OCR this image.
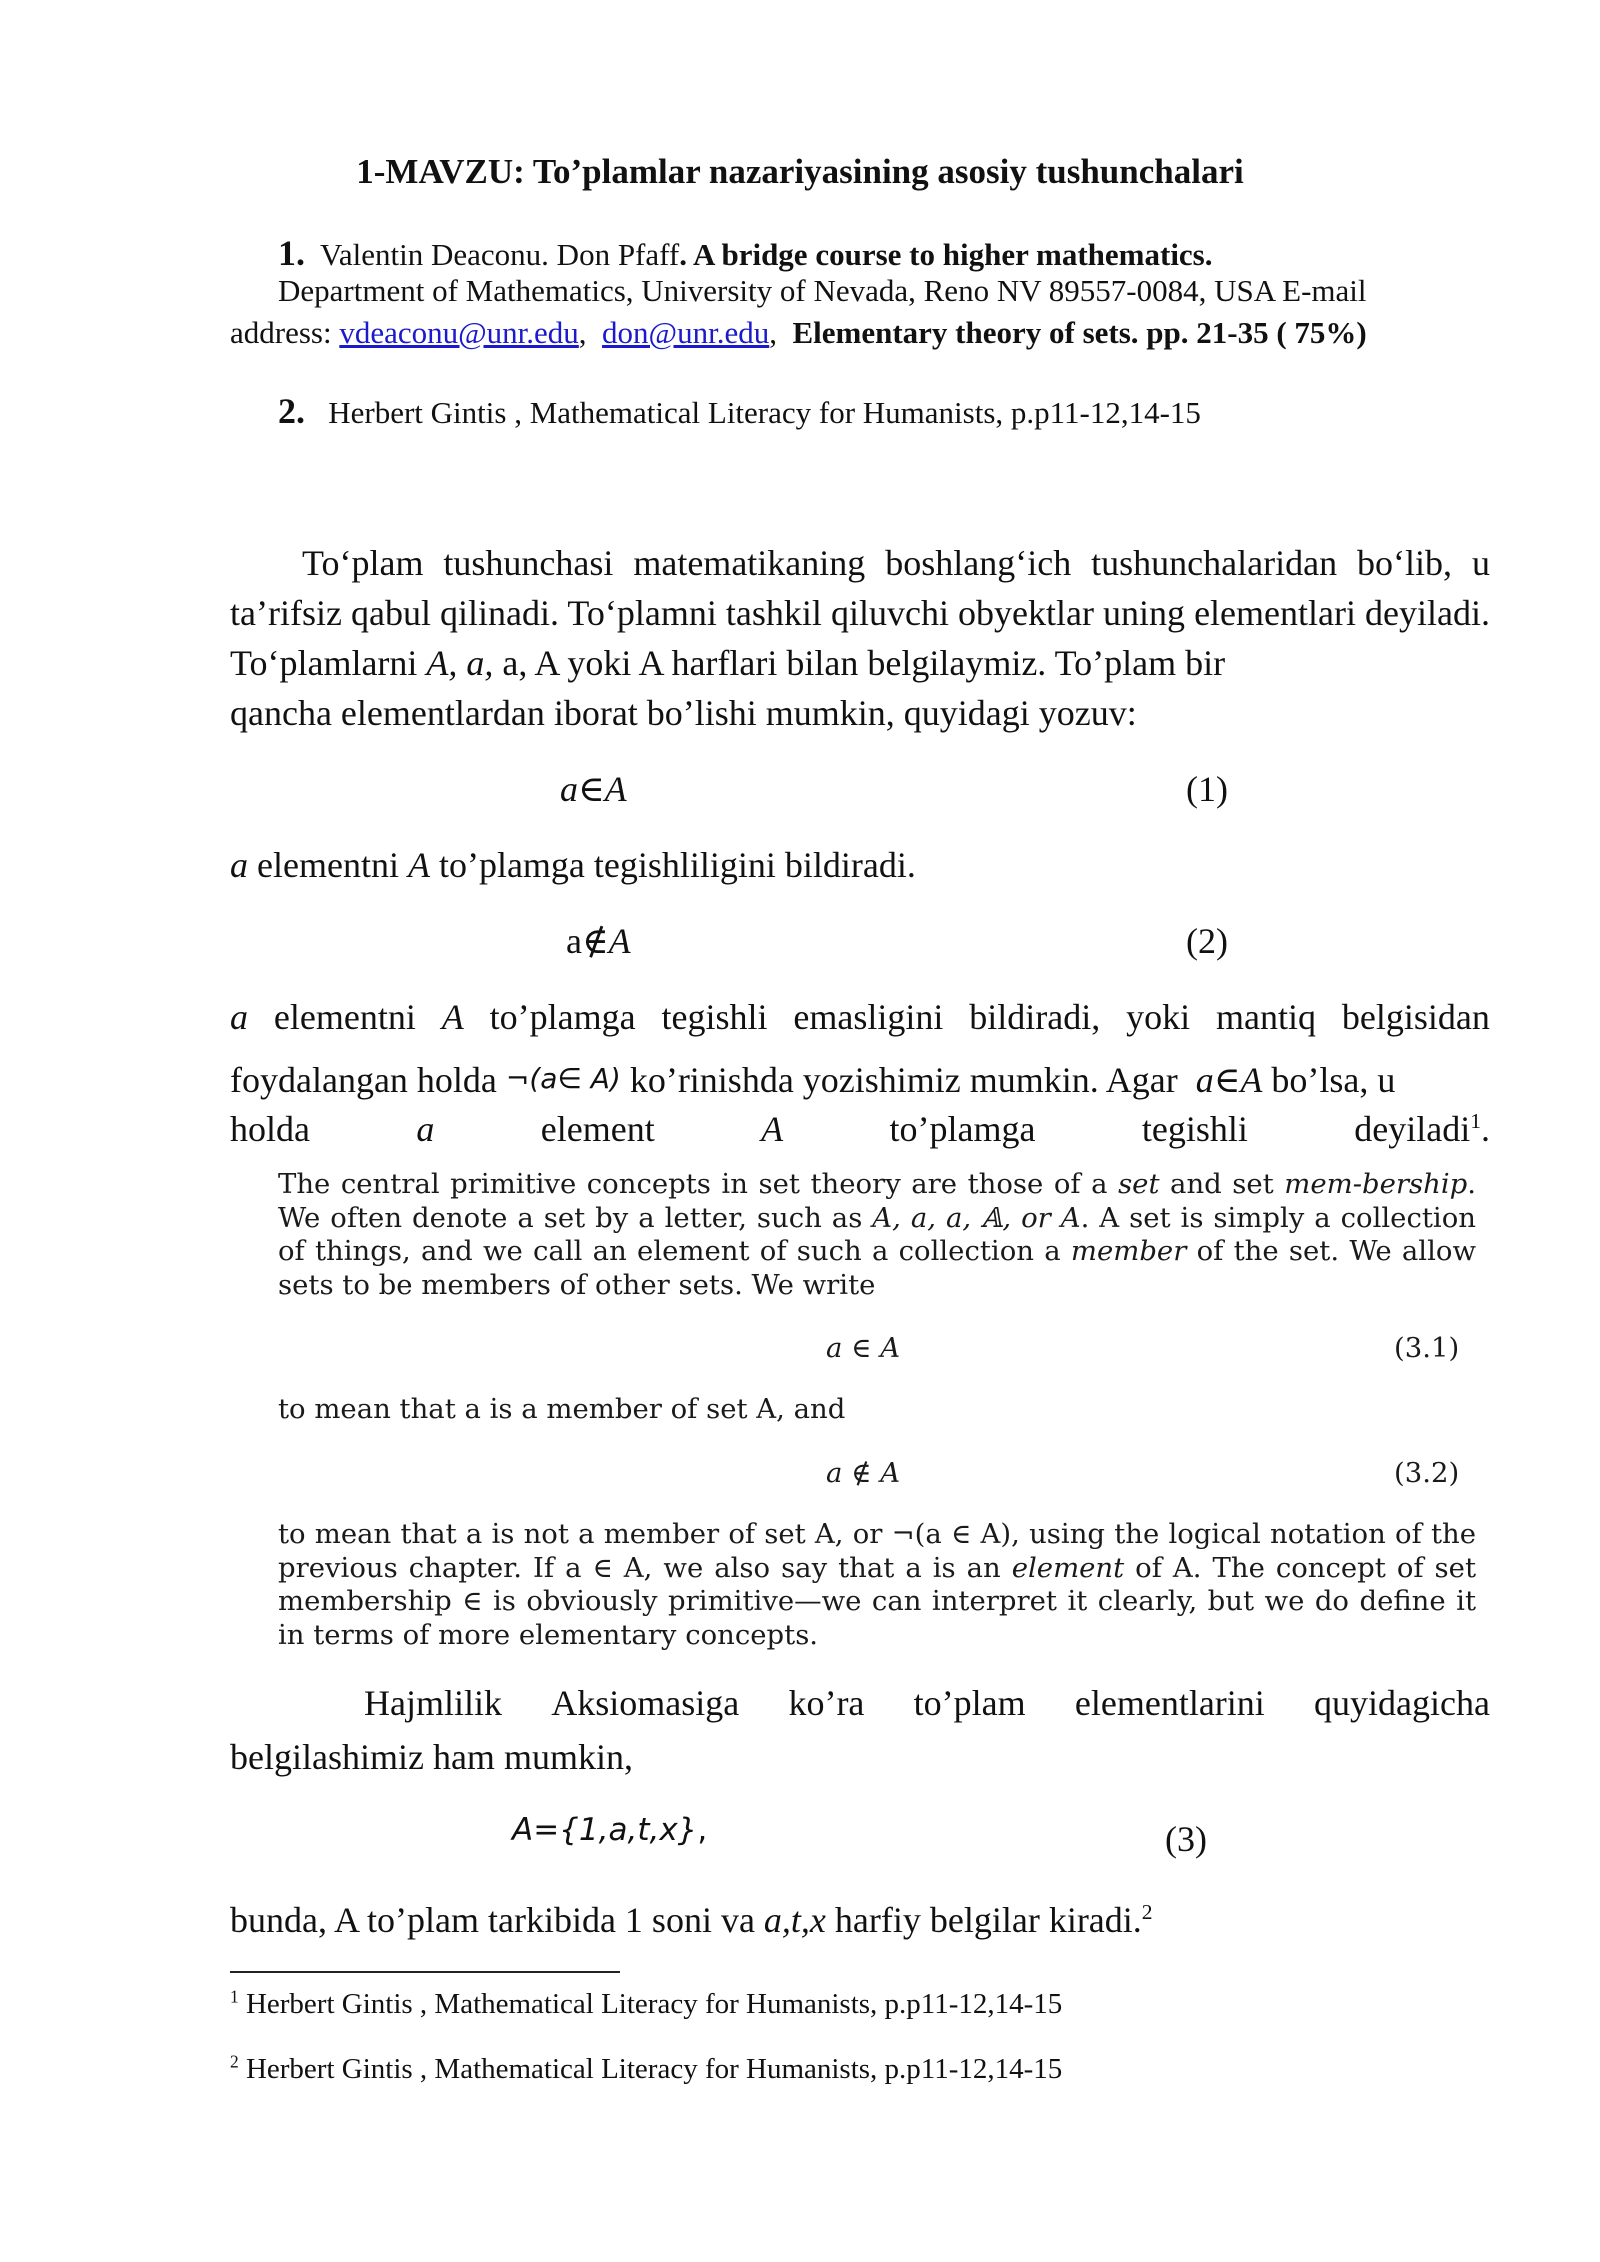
1-MAVZU: To’plamlar nazariyasining asosiy tushunchalari
1. Valentin Deaconu. Don Pfaff. A bridge course to higher mathematics.
Department of Mathematics, University of Nevada, Reno NV 89557-0084, USA E-mail
address: vdeaconu@unr.edu,  don@unr.edu,  Elementary theory of sets. pp. 21-35 ( 75%)
2. Herbert Gintis , Mathematical Literacy for Humanists, p.p11-12,14-15
To‘plam tushunchasi matematikaning boshlang‘ich tushunchalaridan bo‘lib, u ta’rifsiz qabul qilinadi. To‘plamni tashkil qiluvchi obyektlar uning elementlari deyiladi. To‘plamlarni A, a, a, A yoki A harflari bilan belgilaymiz. To’plam bir
qancha elementlardan iborat bo’lishi mumkin, quyidagi yozuv:
a∈A	(1)
a elementni A to’plamga tegishliligini bildiradi.
a∉A	(2)
a elementni A to’plamga tegishli emasligini bildiradi, yoki mantiq belgisidan
foydalangan holda ¬(a∈ A) ko’rinishda yozishimiz mumkin. Agar  a∈A bo’lsa, u
holda	a	element	A	to’plamga	tegishli	deyiladi$^1$.
The central primitive concepts in set theory are those of a set and set mem-bership. We often denote a set by a letter, such as A, a, a, 𝔸, or A. A set is simply a collection of things, and we call an element of such a collection a member of the set. We allow sets to be members of other sets. We write
a ∈ A	(3.1)
to mean that a is a member of set A, and
a ∉ A	(3.2)
to mean that a is not a member of set A, or ¬(a ∈ A), using the logical notation of the previous chapter. If a ∈ A, we also say that a is an element of A. The concept of set membership ∈ is obviously primitive—we can interpret it clearly, but we do define it in terms of more elementary concepts.
Hajmlilik Aksiomasiga ko’ra to’plam elementlarini quyidagicha
belgilashimiz ham mumkin,
A={1,a,t,x},	(3)
bunda, A to’plam tarkibida 1 soni va a,t,x harfiy belgilar kiradi.$^2$
$^1$ Herbert Gintis , Mathematical Literacy for Humanists, p.p11-12,14-15
$^2$ Herbert Gintis , Mathematical Literacy for Humanists, p.p11-12,14-15
